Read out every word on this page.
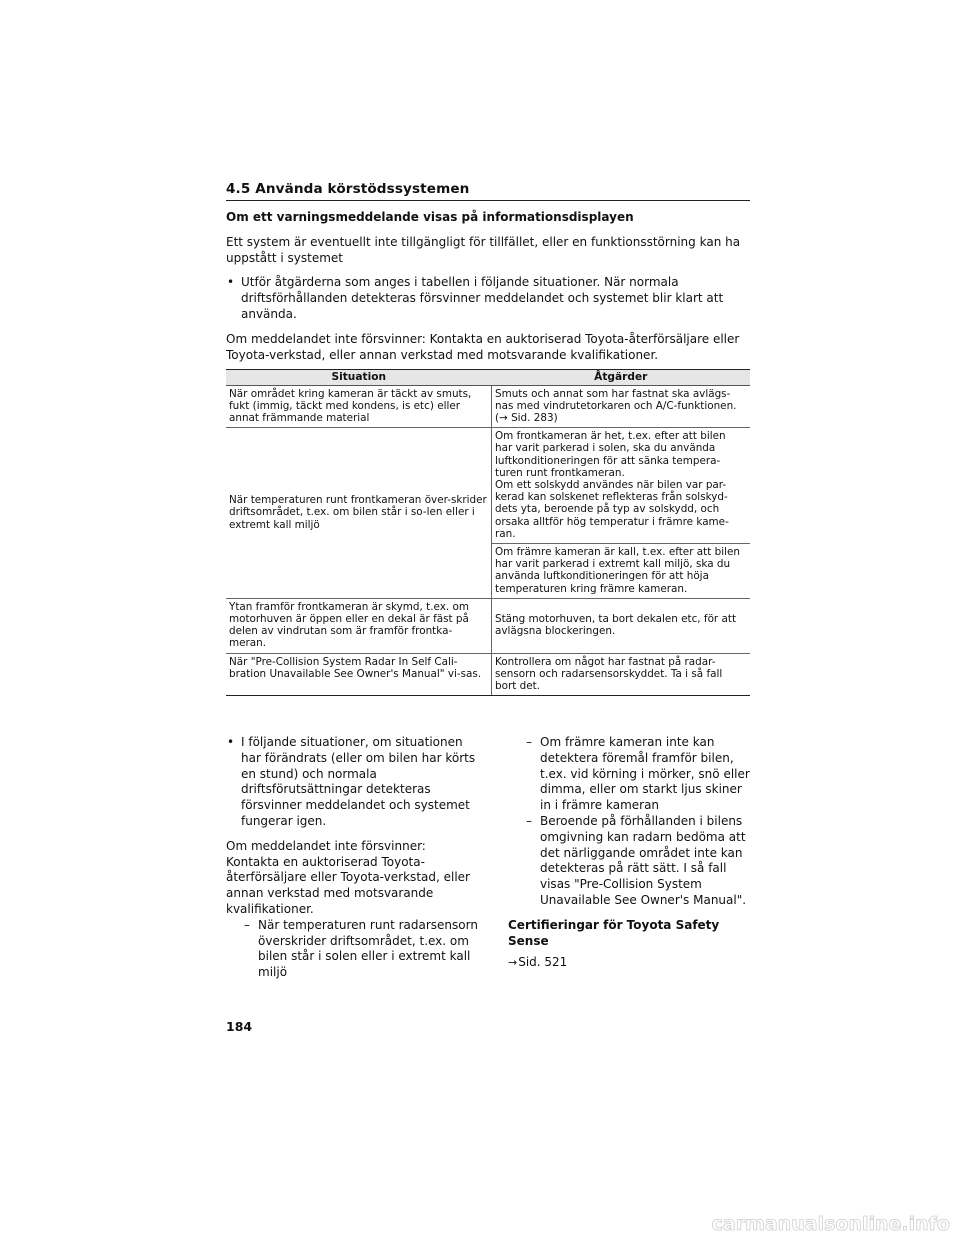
4.5 Använda körstödssystemen

Om ett varningsmeddelande visas på informationsdisplayen

Ett system är eventuellt inte tillgängligt för tillfället, eller en funktionsstörning kan ha uppstått i systemet

• Utför åtgärderna som anges i tabellen i följande situationer. När normala driftsförhållanden detekteras försvinner meddelandet och systemet blir klart att använda.

Om meddelandet inte försvinner: Kontakta en auktoriserad Toyota-återförsäljare eller Toyota-verkstad, eller annan verkstad med motsvarande kvalifikationer.

Situation	Åtgärder
När området kring kameran är täckt av smuts, fukt (immig, täckt med kondens, is etc) eller annat främmande material	Smuts och annat som har fastnat ska avlägs-nas med vindrutetorkaren och A/C-funktionen. (→ Sid. 283)
När temperaturen runt frontkameran över-skrider driftsområdet, t.ex. om bilen står i so-len eller i extremt kall miljö	Om frontkameran är het, t.ex. efter att bilen har varit parkerad i solen, ska du använda luftkonditioneringen för att sänka tempera-turen runt frontkameran.
Om ett solskydd användes när bilen var par-kerad kan solskenet reflekteras från solskyd-dets yta, beroende på typ av solskydd, och orsaka alltför hög temperatur i främre kame-ran.

	Om främre kameran är kall, t.ex. efter att bilen har varit parkerad i extremt kall miljö, ska du använda luftkonditioneringen för att höja temperaturen kring främre kameran.
Ytan framför frontkameran är skymd, t.ex. om motorhuven är öppen eller en dekal är fäst på delen av vindrutan som är framför frontka-meran.	Stäng motorhuven, ta bort dekalen etc, för att avlägsna blockeringen.
När "Pre-Collision System Radar In Self Cali-bration Unavailable See Owner's Manual" vi-sas.	Kontrollera om något har fastnat på radar-sensorn och radarsensorskyddet. Ta i så fall bort det.
• I följande situationer, om situationen har förändrats (eller om bilen har körts en stund) och normala driftsförutsättningar detekteras försvinner meddelandet och systemet fungerar igen.

Om meddelandet inte försvinner: Kontakta en auktoriserad Toyota-återförsäljare eller Toyota-verkstad, eller annan verkstad med motsvarande kvalifikationer.

– När temperaturen runt radarsensorn överskrider driftsområdet, t.ex. om bilen står i solen eller i extremt kall miljö
– Om främre kameran inte kan detektera föremål framför bilen, t.ex. vid körning i mörker, snö eller dimma, eller om starkt ljus skiner in i främre kameran
– Beroende på förhållanden i bilens omgivning kan radarn bedöma att det närliggande området inte kan detekteras på rätt sätt. I så fall visas "Pre-Collision System Unavailable See Owner's Manual".

Certifieringar för Toyota Safety Sense

→ Sid. 521
184
carmanualsonline.info
